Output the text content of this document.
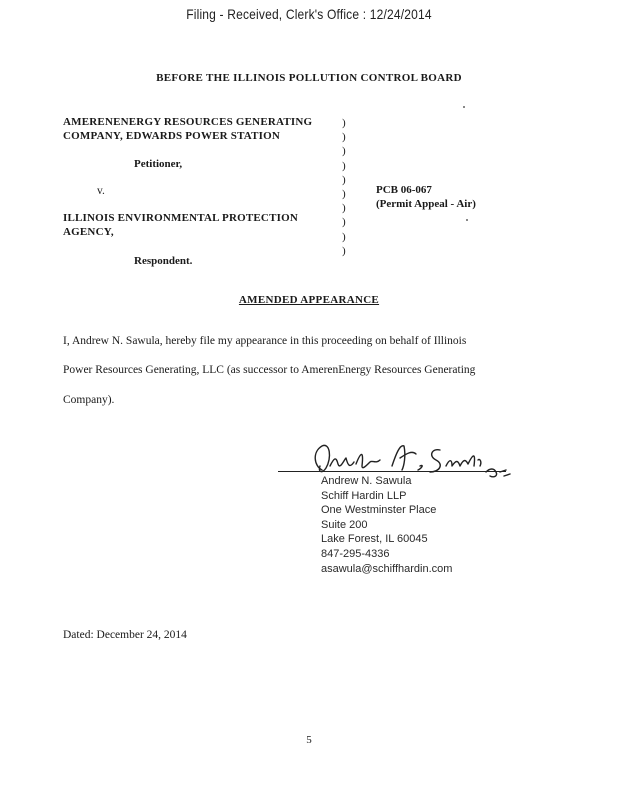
Filing - Received, Clerk's Office : 12/24/2014
BEFORE THE ILLINOIS POLLUTION CONTROL BOARD
AMERENENERGY RESOURCES GENERATING
COMPANY, EDWARDS POWER STATION
Petitioner,
v.
ILLINOIS ENVIRONMENTAL PROTECTION
AGENCY,
Respondent.
)
)
)
)
)
)
)
)
)
)
PCB 06-067
(Permit Appeal - Air)
AMENDED APPEARANCE
I, Andrew N. Sawula, hereby file my appearance in this proceeding on behalf of Illinois
Power Resources Generating, LLC (as successor to AmerenEnergy Resources Generating
Company).
Andrew N. Sawula
Schiff Hardin LLP
One Westminster Place
Suite 200
Lake Forest, IL 60045
847-295-4336
asawula@schiffhardin.com
Dated: December 24, 2014
5
